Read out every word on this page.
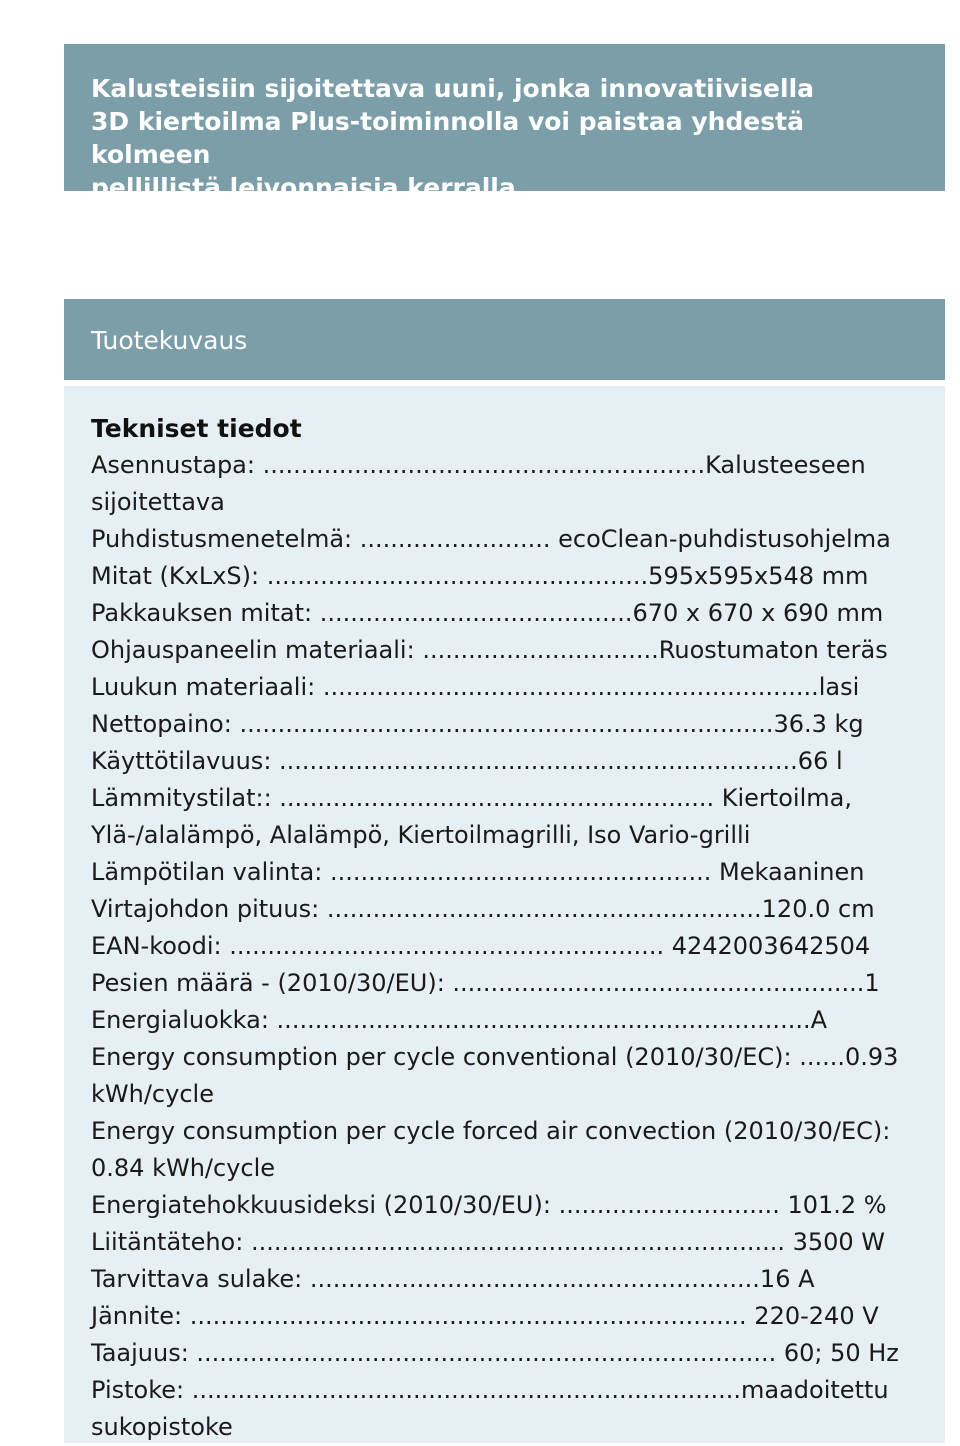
Kalusteisiin sijoitettava uuni, jonka innovatiivisella
3D kiertoilma Plus-toiminnolla voi paistaa yhdestä kolmeen
pellillistä leivonnaisia kerralla.

Tuotekuvaus
Tekniset tiedot
Asennustapa: ..........................................................Kalusteeseen
sijoitettava
Puhdistusmenetelmä: ......................... ecoClean-puhdistusohjelma
Mitat (KxLxS): ..................................................595x595x548 mm
Pakkauksen mitat: .........................................670 x 670 x 690 mm
Ohjauspaneelin materiaali: ...............................Ruostumaton teräs
Luukun materiaali: .................................................................lasi
Nettopaino: ......................................................................36.3 kg
Käyttötilavuus: ....................................................................66 l
Lämmitystilat:: ......................................................... Kiertoilma,
Ylä-/alalämpö, Alalämpö, Kiertoilmagrilli, Iso Vario-grilli
Lämpötilan valinta: .................................................. Mekaaninen
Virtajohdon pituus: .........................................................120.0 cm
EAN-koodi: ......................................................... 4242003642504
Pesien määrä - (2010/30/EU): ......................................................1
Energialuokka: ......................................................................A
Energy consumption per cycle conventional (2010/30/EC): ......0.93
kWh/cycle
Energy consumption per cycle forced air convection (2010/30/EC):
0.84 kWh/cycle
Energiatehokkuusideksi (2010/30/EU): ............................. 101.2 %
Liitäntäteho: ...................................................................... 3500 W
Tarvittava sulake: ...........................................................16 A
Jännite: ......................................................................... 220-240 V
Taajuus: ............................................................................ 60; 50 Hz
Pistoke: ........................................................................maadoitettu
sukopistoke
